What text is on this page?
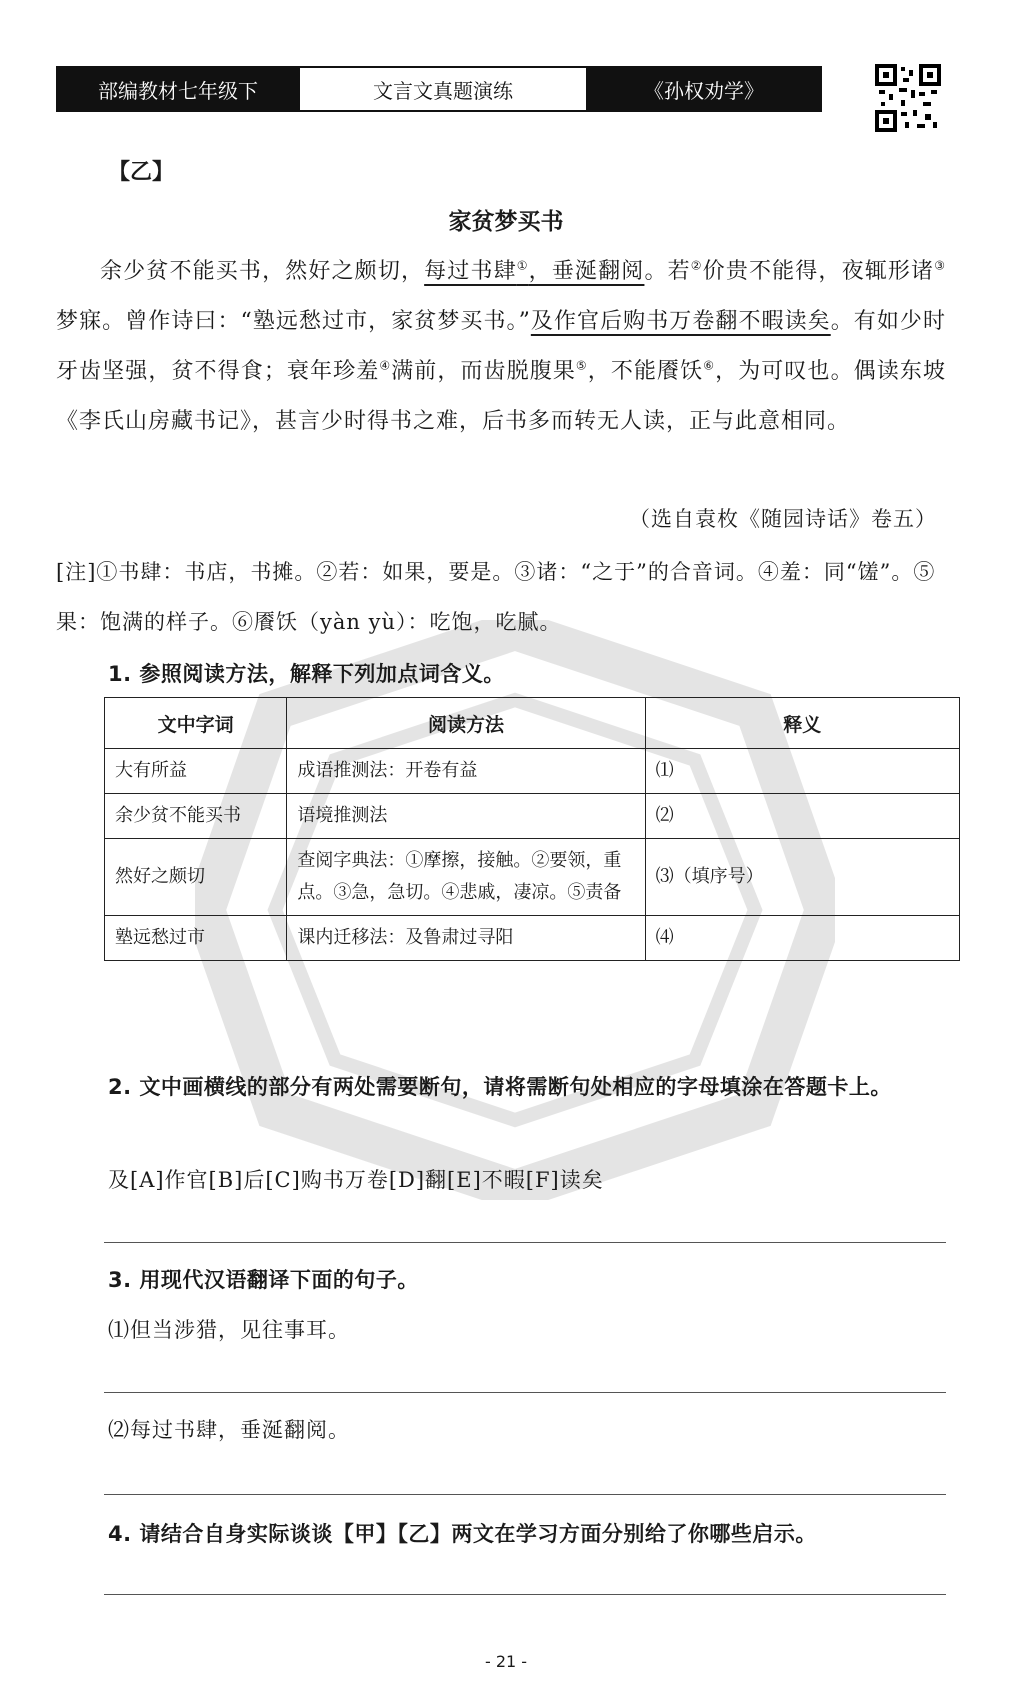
部编教材七年级下	文言文真题演练	《孙权劝学》
【乙】
家贫梦买书
余少贫不能买书，然好之颇切，每过书肆①，垂涎翻阅。若②价贵不能得，夜辄形诸③梦寐。曾作诗曰：“塾远愁过市，家贫梦买书。”及作官后购书万卷翻不暇读矣。有如少时牙齿坚强，贫不得食；衰年珍羞④满前，而齿脱腹果⑤，不能餍饫⑥，为可叹也。偶读东坡《李氏山房藏书记》，甚言少时得书之难，后书多而转无人读，正与此意相同。
（选自袁枚《随园诗话》卷五）
[注]①书肆：书店，书摊。②若：如果，要是。③诸：“之于”的合音词。④羞：同“馐”。⑤果：饱满的样子。⑥餍饫（yàn yù）：吃饱，吃腻。
1. 参照阅读方法，解释下列加点词含义。
文中字词	阅读方法	释义
大有所益	成语推测法：开卷有益	⑴
余少贫不能买书	语境推测法	⑵
然好之颇切	查阅字典法：①摩擦，接触。②要领，重点。③急，急切。④悲戚，凄凉。⑤责备	⑶（填序号）
塾远愁过市	课内迁移法：及鲁肃过寻阳	⑷
2. 文中画横线的部分有两处需要断句，请将需断句处相应的字母填涂在答题卡上。
及[A]作官[B]后[C]购书万卷[D]翻[E]不暇[F]读矣
3. 用现代汉语翻译下面的句子。
⑴但当涉猎，见往事耳。
⑵每过书肆，垂涎翻阅。
4. 请结合自身实际谈谈【甲】【乙】两文在学习方面分别给了你哪些启示。
- 21 -
